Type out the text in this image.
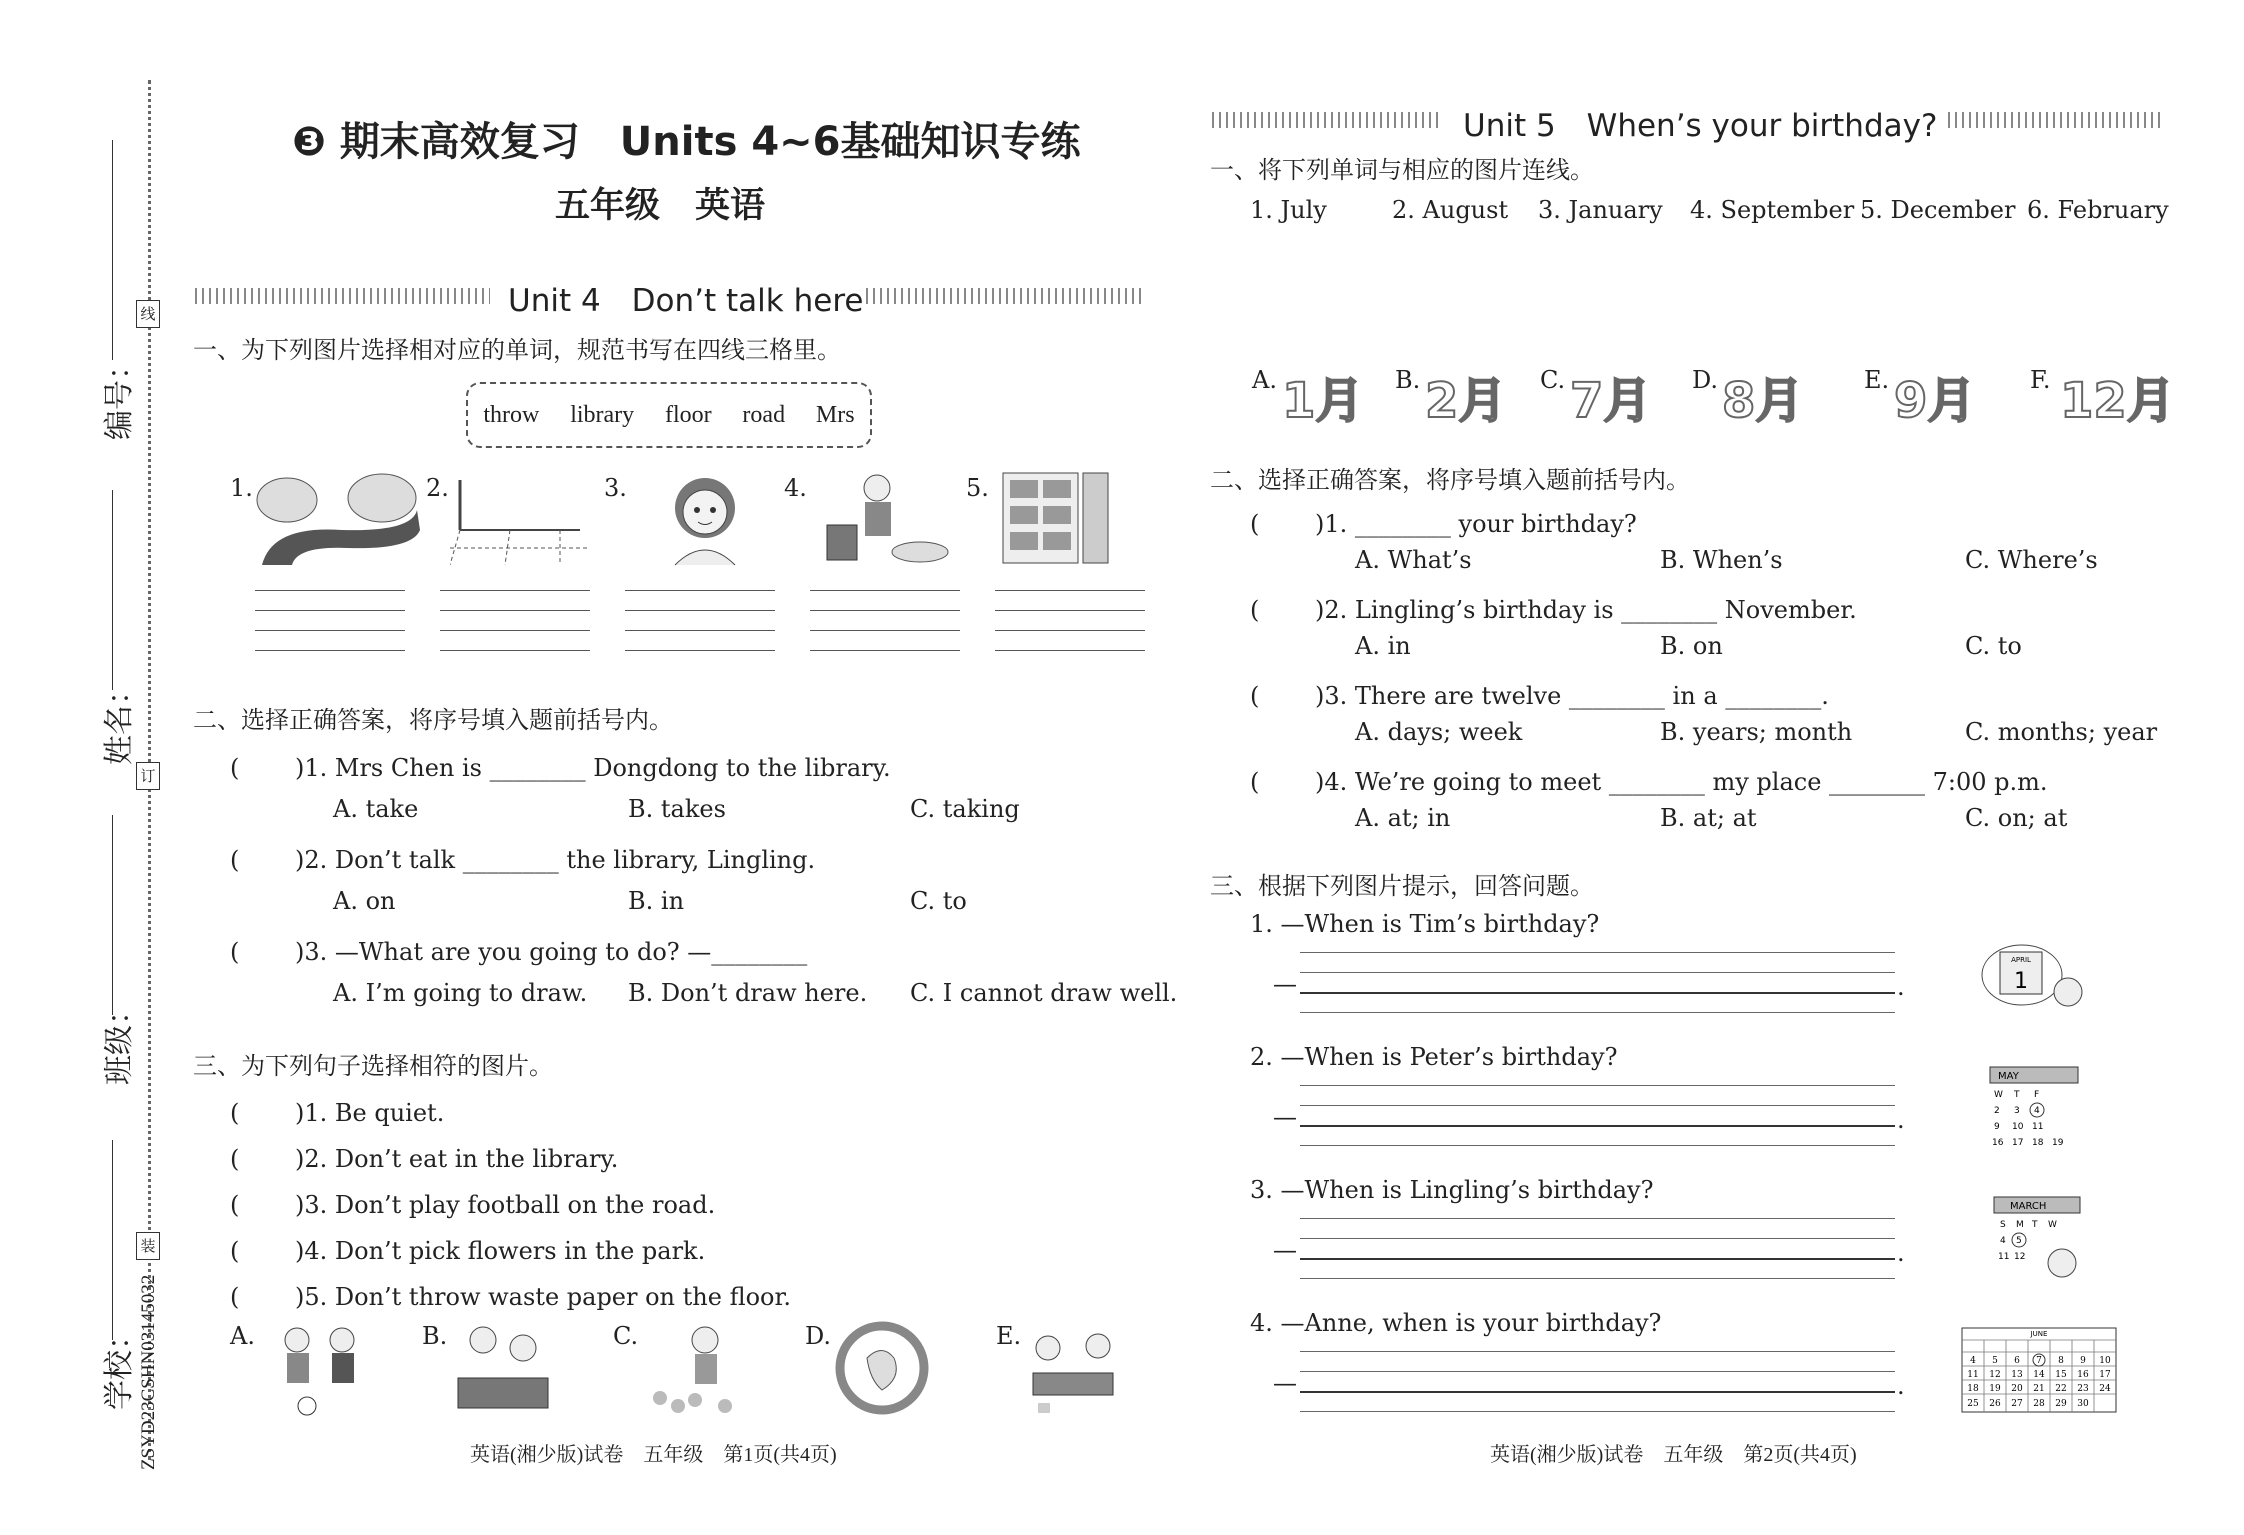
线
订
装
编号：
姓名：
班级：
学校： ZSYD23CSHN03145032
❸ 期末高效复习　Units 4~6基础知识专练
五年级　英语
Unit 4　Don’t talk here
一、为下列图片选择相对应的单词，规范书写在四线三格里。
throw library floor road Mrs
1.	2.	3.	4.	5.
二、选择正确答案，将序号填入题前括号内。
(　　 )1. Mrs Chen is ________ Dongdong to the library.
A. take	B. takes	C. taking
(　　 )2. Don’t talk ________ the library, Lingling.
A. on	B. in	C. to
(　　 )3. —What are you going to do? —________
A. I’m going to draw. B. Don’t draw here. C. I cannot draw well.
三、为下列句子选择相符的图片。
(　　 )1. Be quiet.
(　　 )2. Don’t eat in the library.
(　　 )3. Don’t play football on the road.
(　　 )4. Don’t pick flowers in the park.
(　　 )5. Don’t throw waste paper on the floor.
A.	B.	C.	D.	E.
英语(湘少版)试卷　五年级　第1页(共4页)
Unit 5　When’s your birthday?
一、将下列单词与相应的图片连线。
1. July	2. August 3. January 4. September 5. December 6. February
A. 1月 B. 2月 C. 7月 D. 8月	E. 9月 F. 12月
二、选择正确答案，将序号填入题前括号内。
(　　 )1. ________ your birthday?
A. What’s	B. When’s	C. Where’s
(　　 )2. Lingling’s birthday is ________ November.
A. in	B. on	C. to
(　　 )3. There are twelve ________ in a ________.
A. days; week	B. years; month	C. months; year
(　　 )4. We’re going to meet ________ my place ________ 7:00 p.m.
A. at; in	B. at; at	C. on; at
三、根据下列图片提示，回答问题。
1. —When is Tim’s birthday?
—	.
APRIL
1
2. —When is Peter’s birthday?
—	.
MAY
W T F
2 3 4
9 10 11
16 17 18 19
3. —When is Lingling’s birthday?
—	.
MARCH
S M T W
4 5
11 12
4. —Anne, when is your birthday?
—	.
JUNE
4 5 6 7 8 9 10
11 12 13 14 15 16 17
18 19 20 21 22 23 24
25 26 27 28 29 30
英语(湘少版)试卷　五年级　第2页(共4页)
